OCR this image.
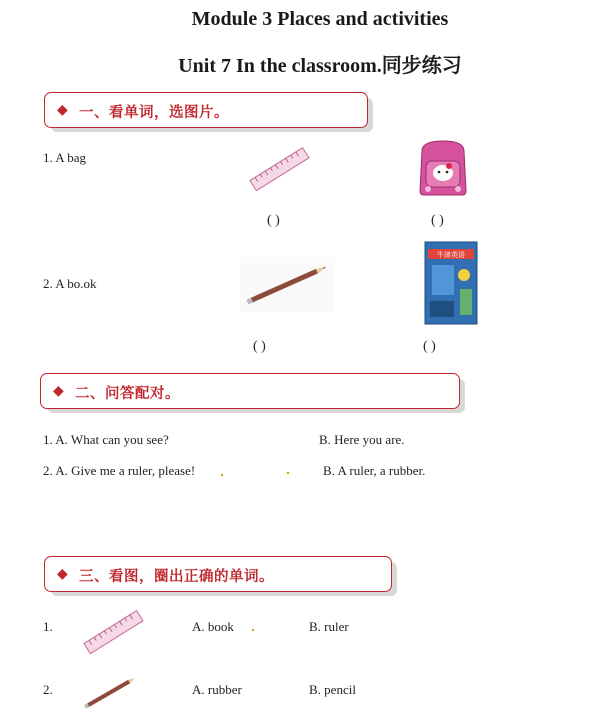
Module 3 Places and activities
Unit 7 In the classroom.同步练习
◆ 一、看单词，选图片。
1. A bag
( )	( )
2. A bo.ok
牛津英语
( )	( )
◆ 二、问答配对。
1. A. What can you see?	B. Here you are.
2. A. Give me a ruler, please!	B. A ruler, a rubber.
◆ 三、看图，圈出正确的单词。
1.	A. book	B. ruler
2.	A. rubber	B. pencil
